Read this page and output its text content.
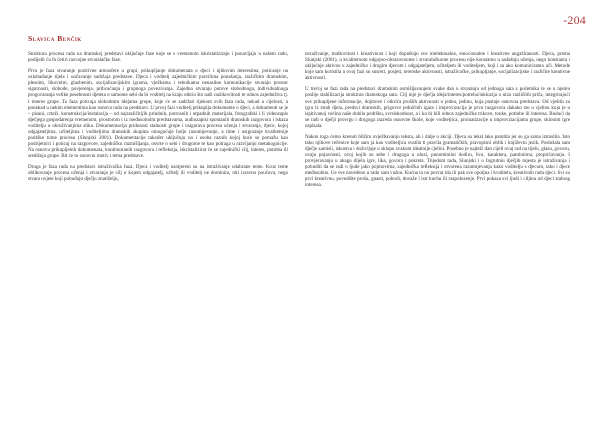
-204
Slavica Benčik

Struktura procesa rada na dramskoj predstavi uključuje faze koje se s vremenom iskristaliziraju i ponavljaju u našem radu, podijelit ću ih četiri razvojne stvaralačke faze.

Prva je faza stvaranje pozitivne atmosfere u grupi, prikupljanje dokumenata o djeci i njihovim interesima, poticanje na oslobađanje tijela i uočavanje sadržaja predstave. Djeca i voditelj zajedničkim pravilima ponašanja, različitim dramskim, plesnim, likovnim, glazbenim, socijalizacijskim igrama, vježbama i tehnikama nenasilne komunikacije stvaraju prostor sigurnosti, slobode, povjerenja, prihvaćanja i grupnoga povezivanja. Zajedno stvaraju putove slobodnoga, individualnoga progovaranja velike posebnosti djeteta o samome sebi da bi voditelj na kraju otkrio što naši razlikovitosti te odnos zajedništva tj. i interes grupe. Ta faza poticaja slobodnim idejama grupe, koje će se zadržati tijekom svih faza rada, nekad u cijelosti, a ponekad u nekim elementima kao osnova rada na predstavi. U prvoj fazi voditelj prikuplja dokumente o djeci, a dokumenti se je – pisani, crteži, konstrukcija/instalacija – od najrazličitijih prindnih, potrosnih i otpadnih materijala, fotografski i li videozapis dječjega gospodarenja vremenom, prostorom i iz međusobnim predstavama, audiozapisi spontanih dramskih razgovora i iskaza voditelju u okruživanjima slika. Dokumentacija pridonosi stalnosti grupe i osigurava procesa učenja i stvaranja, djece, kojoj odgajateljima, učiteljima i voditeljima dramskih skupina omogućuje bolje razumijevanje, a time i osiguranje kvalitetnije podrške tome procesu (Slunjski 2001). Dokumentacije također uključuju na i osoba raznih kojoj hoće se pomažu kao podrijetnici i poticaj na razgovore, zajedničku razmišljanja, osvrte o sebi i drugome te kao potraga u razvijanju metakognicije. Na osnovu prikupljenih dokumenata, kontinuiranih razgovora i refleksija, iskristalizirat će se zajednički cilj, interes, potreba ili središnja grupe. Bit će to osnovni motiv i tema predstave.

Druga je faza rada na predstavi istraživačka faza. Djeca i voditelj usmjereni su na istraživanje odabrane teme. Kroz teme oblikovanje procesa učenja i stvaranja je cilj u kojem odgajatelj, učitelj ili voditelj ne dominira, niti izravno poučava, nego stvara uvjete koji pobuđuju dječju znatiželju,

istraživanje, maštovitost i kreativnost i koji dopuštaju sve intelektualne, emocionalne i kreativne angažiranosti. Djeca, prema Slunjski (2001), u kvalitetnom odgojno-obrazovnome i stvaralačkome procesu nije konstatno u sadašnju učenja, nego konstanta i uključuje aktivno u zajedničko i drugim djecom i odgajateljem, učiteljem ili voditeljem, koji i sa ako komuniciramo uči. Metode koje sam koristila u ovoj fazi su susreti, posjeti, terenske aktivnosti, istraživačke, prikupljanje, socijalizacijske i različite kreativne aktivnosti.

U trećoj se fazi rada na predstavi dramskim osmišljavanjem svake dan u stvaranju od jednoga sata s početnika te se u njemu poslije stabilizacija struktura dramskoga sata. Cilj nije je dječja ideja/interes/potreba/inkluzija u nizu različitih priča, integrirajući sve prikupljene informacije, dojmove i otkrića prošlih aktivnosti u jednu, jedinu, koja postaje osnovna predstava. Od vještih za igru iz strah djela, predsvi dramskih, prigovor jedničnih igara i improvizacija je prvo razgovora dakako sto u cjelinu koja je u ispitivanoj većina naše dobila podršku, svrsishodnost, a i ko bi bili odnos zajedničke trikove, tonke, potrebe ili interesa. Budući da se radi o dječji provrgu i drugoga razreda osnovne škole, koje voditeljica, proinatizacije u improvizacijama grupe, sklonim igre zapisala.

Nakon toga ćemo krenuti bližim uvježbavanju teksta, ali i dalje u akciji. Djeca su tekst lako pamtila jer su ga sama izmislila. Isto tako njihove rečenice koje sam ja kao voditeljica svatila ti pravila gramatičkih, pravopisni oblik i književni jezik. Poslušala sam dječje zamisli, iskustva i doživljaje u sklopu svakom idealnije cjelini. Posebno je najteži dan cijeli ovaj rad na tijelu, glasu, govoru, ovaju pojavnosti, ovoj kojih su sebe i drugoga u ulozi, punomimini dodiru, licu, karaktera, pantimimu, propričavanju. I provjeravanju u akagu dijela igre, lika, govora i pokreta. Trijedom rada, Slunjski i o Ingrutniu dječjih mjesta je istraživanja i pobuditi da se radi o ljude jako pojmovima, zajednička refleksija i otvorena razumijevanja kako voditelju s djecom, tako i djece međusobno. Ue sve navedeno u radu sam važnu. Kućna ta no povrat ida ili pak sve opoljna i kvaliteta, kreativnih rada djeci. Svi su prvi kreativnu, povedište prošu, gnasti, pohodi, dovaže i istr kuchu ili raspolozenje. Prvi pokaza svi ljudi i ciljinu od djeci stalnog interesa.
